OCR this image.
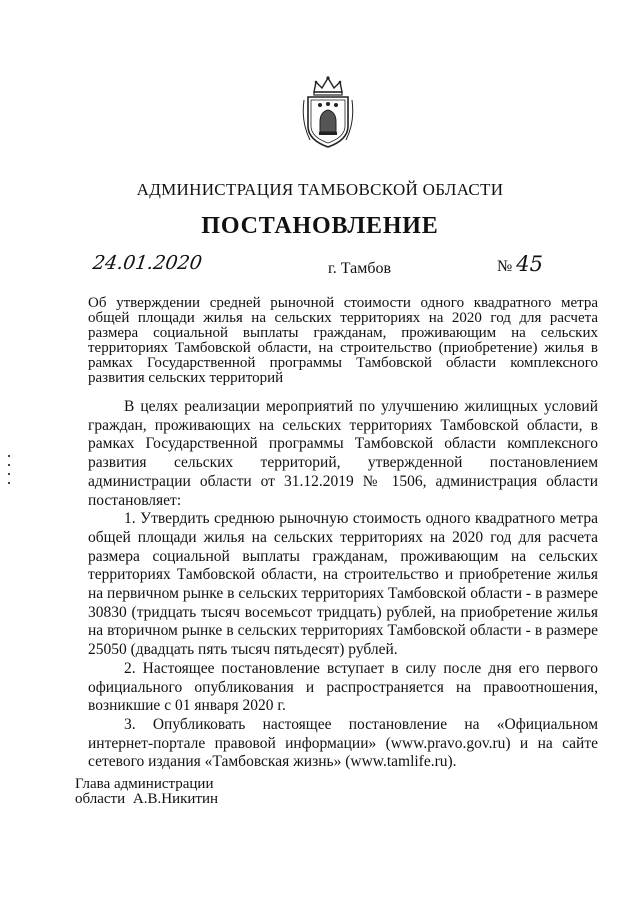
АДМИНИСТРАЦИЯ ТАМБОВСКОЙ ОБЛАСТИ
ПОСТАНОВЛЕНИЕ
24.01.2020	г. Тамбов	№ 45
Об утверждении средней рыночной стоимости одного квадратного метра общей площади жилья на сельских территориях на 2020 год для расчета размера социальной выплаты гражданам, проживающим на сельских территориях Тамбовской области, на строительство (приобретение) жилья в рамках Государственной программы Тамбовской области комплексного развития сельских территорий

В целях реализации мероприятий по улучшению жилищных условий граждан, проживающих на сельских территориях Тамбовской области, в рамках Государственной программы Тамбовской области комплексного развития сельских территорий, утвержденной постановлением администрации области от 31.12.2019 № 1506, администрация области постановляет:

1. Утвердить среднюю рыночную стоимость одного квадратного метра общей площади жилья на сельских территориях на 2020 год для расчета размера социальной выплаты гражданам, проживающим на сельских территориях Тамбовской области, на строительство и приобретение жилья на первичном рынке в сельских территориях Тамбовской области - в размере 30830 (тридцать тысяч восемьсот тридцать) рублей, на приобретение жилья на вторичном рынке в сельских территориях Тамбовской области - в размере 25050 (двадцать пять тысяч пятьдесят) рублей.

2. Настоящее постановление вступает в силу после дня его первого официального опубликования и распространяется на правоотношения, возникшие с 01 января 2020 г.

3. Опубликовать настоящее постановление на «Официальном интернет-портале правовой информации» (www.pravo.gov.ru) и на сайте сетевого издания «Тамбовская жизнь» (www.tamlife.ru).

Глава администрации
области А.В.Никитин
